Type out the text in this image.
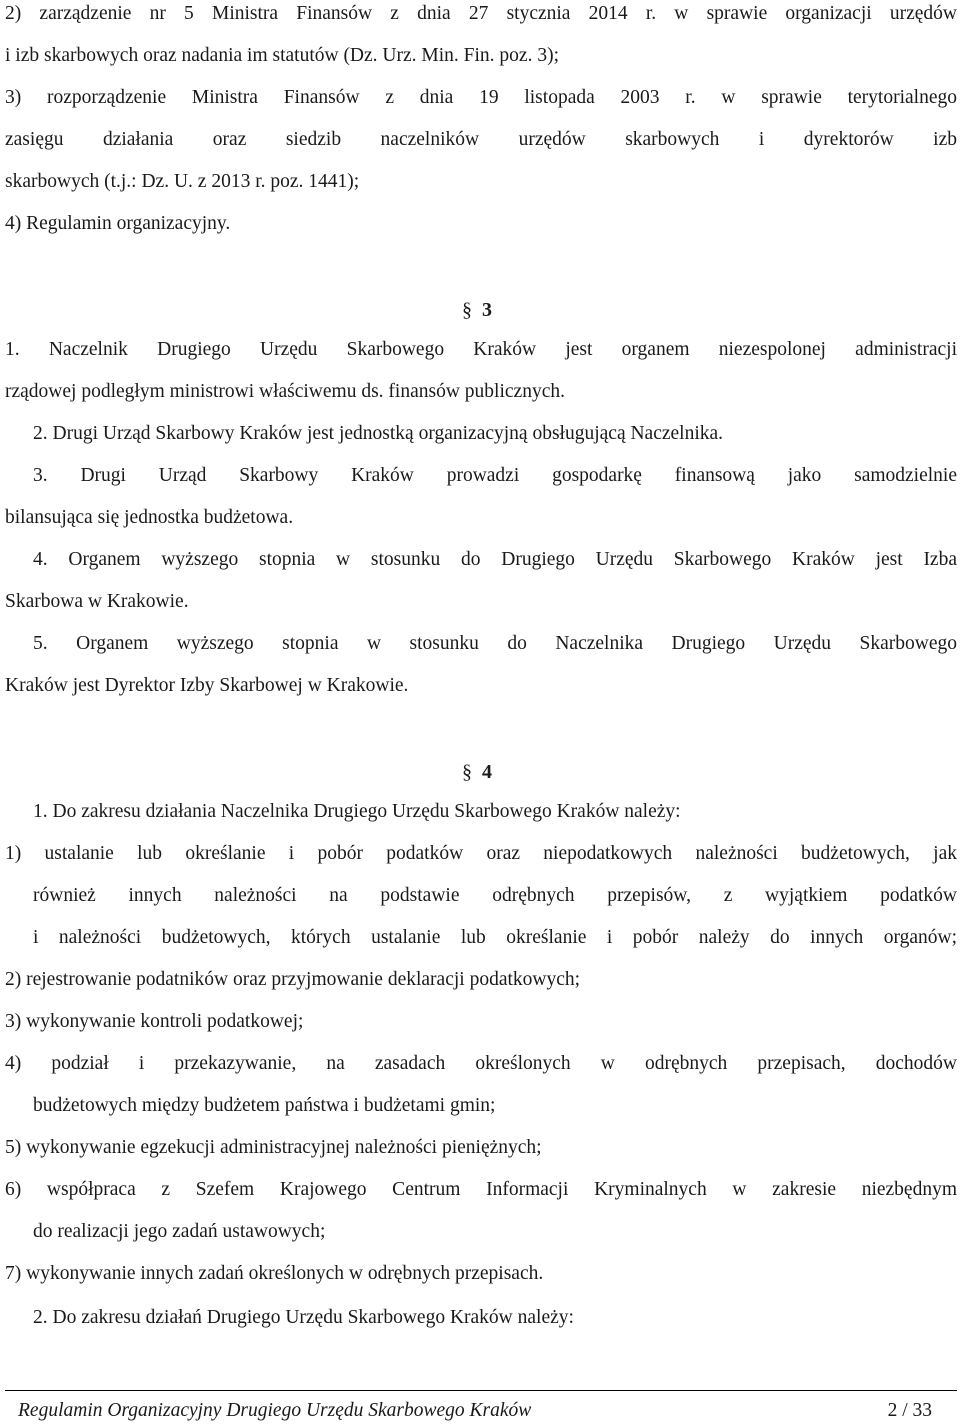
2) zarządzenie nr 5 Ministra Finansów z dnia 27 stycznia 2014 r. w sprawie organizacji urzędów
i izb skarbowych oraz nadania im statutów (Dz. Urz. Min. Fin. poz. 3);
3) rozporządzenie Ministra Finansów z dnia 19 listopada 2003 r. w sprawie terytorialnego
zasięgu działania oraz siedzib naczelników urzędów skarbowych i dyrektorów izb
skarbowych (t.j.: Dz. U. z 2013 r. poz. 1441);
4) Regulamin organizacyjny.
§ 3
1. Naczelnik Drugiego Urzędu Skarbowego Kraków jest organem niezespolonej administracji
rządowej podległym ministrowi właściwemu ds. finansów publicznych.
2. Drugi Urząd Skarbowy Kraków jest jednostką organizacyjną obsługującą Naczelnika.
3. Drugi Urząd Skarbowy Kraków prowadzi gospodarkę finansową jako samodzielnie
bilansująca się jednostka budżetowa.
4. Organem wyższego stopnia w stosunku do Drugiego Urzędu Skarbowego Kraków jest Izba
Skarbowa w Krakowie.
5. Organem wyższego stopnia w stosunku do Naczelnika Drugiego Urzędu Skarbowego
Kraków jest Dyrektor Izby Skarbowej w Krakowie.
§ 4
1. Do zakresu działania Naczelnika Drugiego Urzędu Skarbowego Kraków należy:
1) ustalanie lub określanie i pobór podatków oraz niepodatkowych należności budżetowych, jak
również innych należności na podstawie odrębnych przepisów, z wyjątkiem podatków
i należności budżetowych, których ustalanie lub określanie i pobór należy do innych organów;
2) rejestrowanie podatników oraz przyjmowanie deklaracji podatkowych;
3) wykonywanie kontroli podatkowej;
4) podział i przekazywanie, na zasadach określonych w odrębnych przepisach, dochodów
budżetowych między budżetem państwa i budżetami gmin;
5) wykonywanie egzekucji administracyjnej należności pieniężnych;
6) współpraca z Szefem Krajowego Centrum Informacji Kryminalnych w zakresie niezbędnym
do realizacji jego zadań ustawowych;
7) wykonywanie innych zadań określonych w odrębnych przepisach.
2. Do zakresu działań Drugiego Urzędu Skarbowego Kraków należy:
Regulamin Organizacyjny Drugiego Urzędu Skarbowego Kraków	2 / 33
